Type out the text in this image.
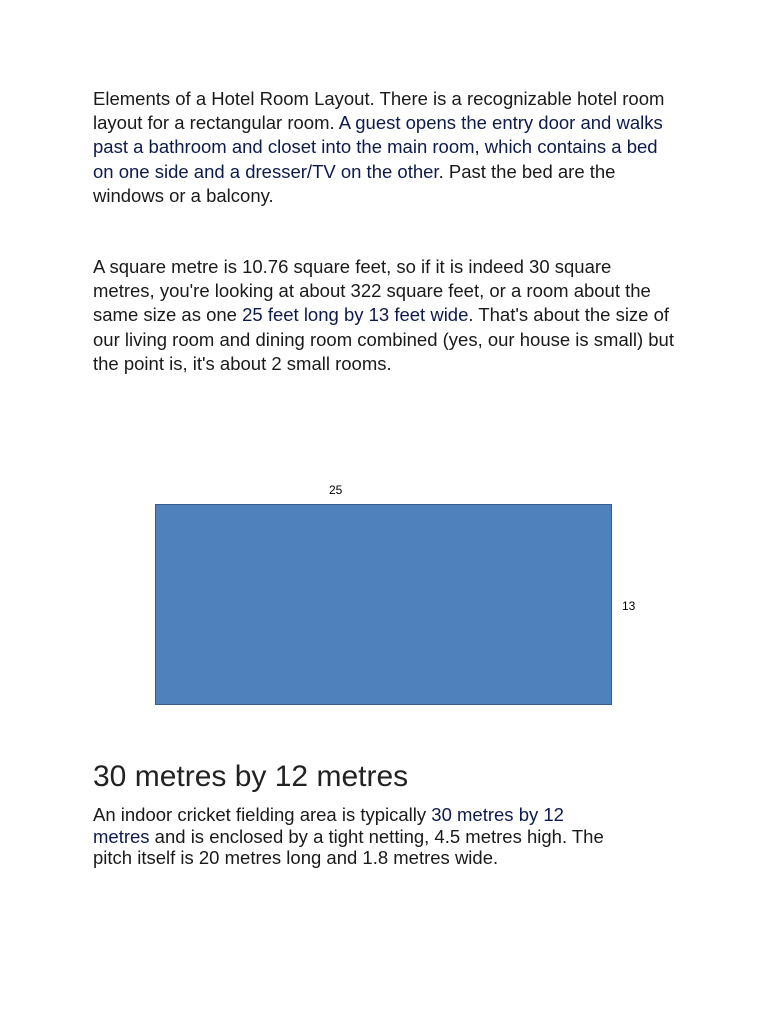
Elements of a Hotel Room Layout. There is a recognizable hotel room layout for a rectangular room. A guest opens the entry door and walks past a bathroom and closet into the main room, which contains a bed on one side and a dresser/TV on the other. Past the bed are the windows or a balcony.

A square metre is 10.76 square feet, so if it is indeed 30 square metres, you're looking at about 322 square feet, or a room about the same size as one 25 feet long by 13 feet wide. That's about the size of our living room and dining room combined (yes, our house is small) but the point is, it's about 2 small rooms.

25
13
30 metres by 12 metres

An indoor cricket fielding area is typically 30 metres by 12 metres and is enclosed by a tight netting, 4.5 metres high. The pitch itself is 20 metres long and 1.8 metres wide.
